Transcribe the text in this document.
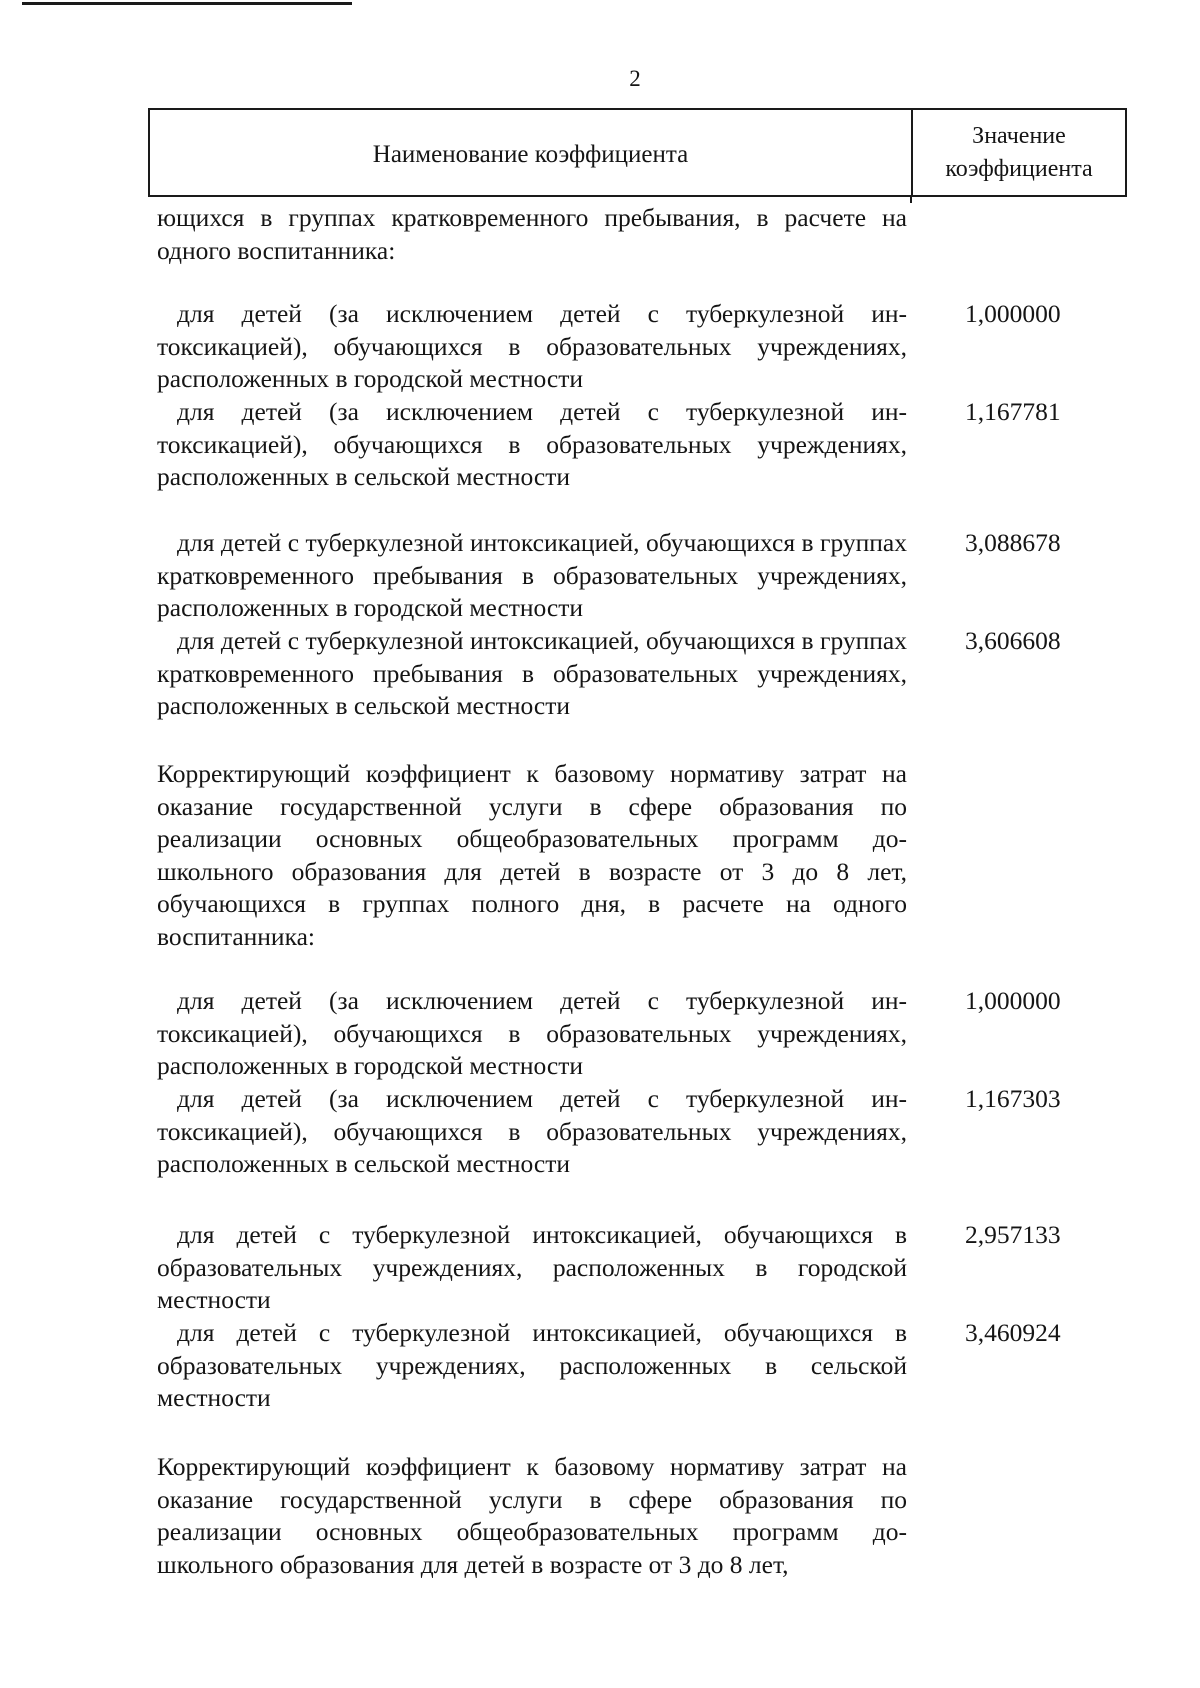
2
Наименование коэффициента
Значение
коэффициента
ющихся в группах кратковременного пребывания, в расчете на одного воспитанника:
для детей (за исключением детей с туберкулезной ин-токсикацией), обучающихся в образовательных учреждениях, расположенных в городской местности
1,000000
для детей (за исключением детей с туберкулезной ин-токсикацией), обучающихся в образовательных учреждениях, расположенных в сельской местности
1,167781
для детей с туберкулезной интоксикацией, обучающихся в группах кратковременного пребывания в образовательных учреждениях, расположенных в городской местности
3,088678
для детей с туберкулезной интоксикацией, обучающихся в группах кратковременного пребывания в образовательных учреждениях, расположенных в сельской местности
3,606608
Корректирующий коэффициент к базовому нормативу затрат на оказание государственной услуги в сфере образования по реализации основных общеобразовательных программ до-школьного образования для детей в возрасте от 3 до 8 лет, обучающихся в группах полного дня, в расчете на одного воспитанника:
для детей (за исключением детей с туберкулезной ин-токсикацией), обучающихся в образовательных учреждениях, расположенных в городской местности
1,000000
для детей (за исключением детей с туберкулезной ин-токсикацией), обучающихся в образовательных учреждениях, расположенных в сельской местности
1,167303
для детей с туберкулезной интоксикацией, обучающихся в образовательных учреждениях, расположенных в городской местности
2,957133
для детей с туберкулезной интоксикацией, обучающихся в образовательных учреждениях, расположенных в сельской местности
3,460924
Корректирующий коэффициент к базовому нормативу затрат на оказание государственной услуги в сфере образования по реализации основных общеобразовательных программ до-школьного образования для детей в возрасте от 3 до 8 лет,
